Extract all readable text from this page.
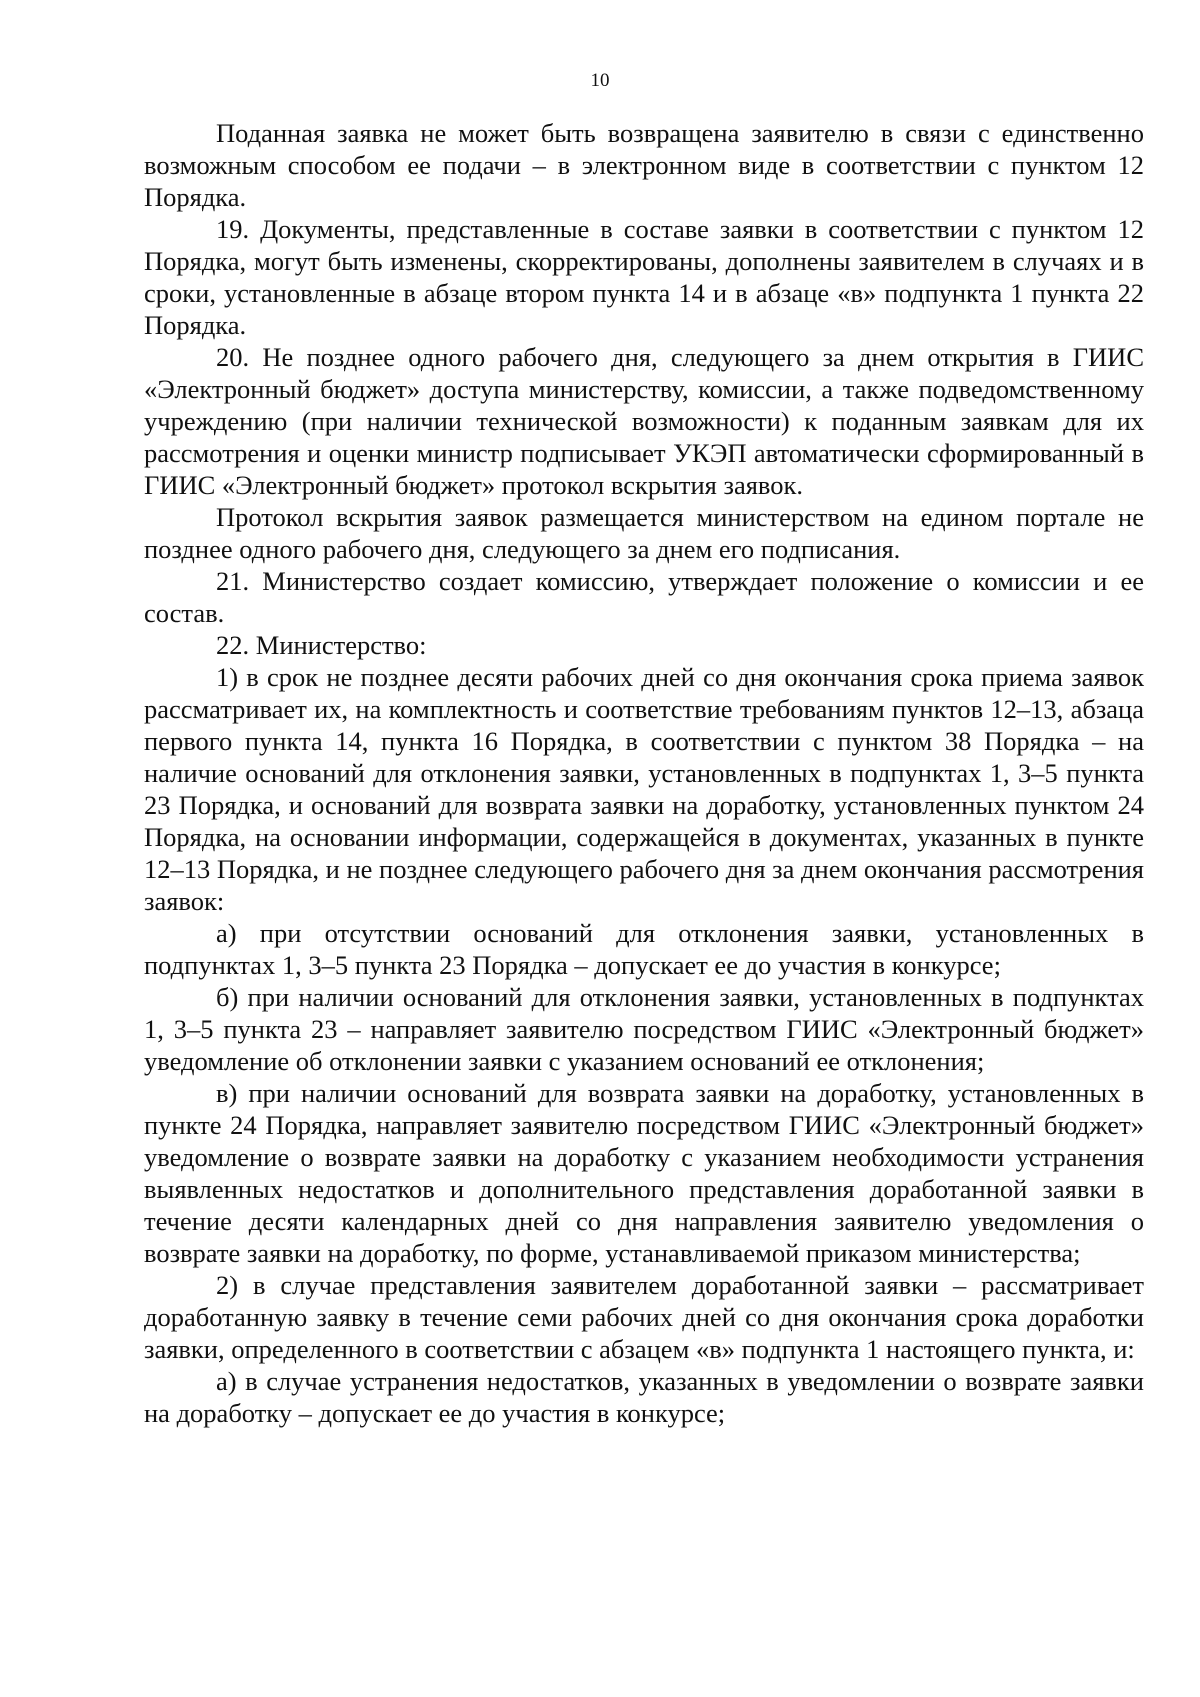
10

Поданная заявка не может быть возвращена заявителю в связи с единственно возможным способом ее подачи – в электронном виде в соответствии с пунктом 12 Порядка.

19. Документы, представленные в составе заявки в соответствии с пунктом 12 Порядка, могут быть изменены, скорректированы, дополнены заявителем в случаях и в сроки, установленные в абзаце втором пункта 14 и в абзаце «в» подпункта 1 пункта 22 Порядка.

20. Не позднее одного рабочего дня, следующего за днем открытия в ГИИС «Электронный бюджет» доступа министерству, комиссии, а также подведомственному учреждению (при наличии технической возможности) к поданным заявкам для их рассмотрения и оценки министр подписывает УКЭП автоматически сформированный в ГИИС «Электронный бюджет» протокол вскрытия заявок.

Протокол вскрытия заявок размещается министерством на едином портале не позднее одного рабочего дня, следующего за днем его подписания.

21. Министерство создает комиссию, утверждает положение о комиссии и ее состав.

22. Министерство:

1) в срок не позднее десяти рабочих дней со дня окончания срока приема заявок рассматривает их, на комплектность и соответствие требованиям пунктов 12–13, абзаца первого пункта 14, пункта 16 Порядка, в соответствии с пунктом 38 Порядка – на наличие оснований для отклонения заявки, установленных в подпунктах 1, 3–5 пункта 23 Порядка, и оснований для возврата заявки на доработку, установленных пунктом 24 Порядка, на основании информации, содержащейся в документах, указанных в пункте 12–13 Порядка, и не позднее следующего рабочего дня за днем окончания рассмотрения заявок:

а) при отсутствии оснований для отклонения заявки, установленных в подпунктах 1, 3–5 пункта 23 Порядка – допускает ее до участия в конкурсе;

б) при наличии оснований для отклонения заявки, установленных в подпунктах 1, 3–5 пункта 23 – направляет заявителю посредством ГИИС «Электронный бюджет» уведомление об отклонении заявки с указанием оснований ее отклонения;

в) при наличии оснований для возврата заявки на доработку, установленных в пункте 24 Порядка, направляет заявителю посредством ГИИС «Электронный бюджет» уведомление о возврате заявки на доработку с указанием необходимости устранения выявленных недостатков и дополнительного представления доработанной заявки в течение десяти календарных дней со дня направления заявителю уведомления о возврате заявки на доработку, по форме, устанавливаемой приказом министерства;

2) в случае представления заявителем доработанной заявки – рассматривает доработанную заявку в течение семи рабочих дней со дня окончания срока доработки заявки, определенного в соответствии с абзацем «в» подпункта 1 настоящего пункта, и:

а) в случае устранения недостатков, указанных в уведомлении о возврате заявки на доработку – допускает ее до участия в конкурсе;
